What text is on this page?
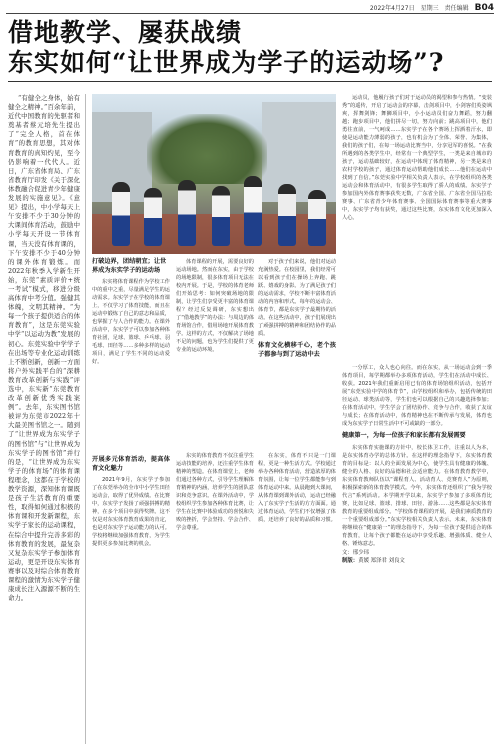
2022年4月27日 星期三 责任编辑 B04
借地教学、屡获战绩
东实如何“让世界成为学子的运动场”?

“有健全之身体，始有健全之精神。”百余年前，近代中国教育的先驱者和奠基者蔡元培先生提出了“完全人格，首在体育”的教育思想，其对体育教育的真知灼见，至今仍影响着一代代人。近日，广东省体育局、广东省教育厅印发《关于深化体教融合促进青少年健康发展的实施意见》。《意见》提出，中小学每天上午安排不少于30分钟的大课间体育活动，鼓励中小学每天开设一节体育课，当天没有体育课的，下午安排不少于40分钟的课外体育锻炼。而2022年秋季入学新生开始，东莞“素质评价+统一考试”模式，移进分级高体育中考分值。强健其体魄，文明其精神。“为每一个孩子提供适合的体育教育”，这是东莞实验中学“以运动为教”发展的初心。东莞实验中学学子在出场等专业化运动训练上不断创新，创新一方面将户外实践平台的“深耕教育改革创新与实践”评选中，东实新“东莞教育改革创新优秀实践案例”。去年，东实图书馆被评为东莞市2022年十大最美图书馆之一。随到了“让世界成为东实学子的图书馆”与“让世界成为东实学子的图书馆”并行的是，“让世界成为东实学子的体育场”的体育课程理念，这都在于学校的教学资源，深知体育课既是孩子生活教育的重要性，取得如何通过积极的体育课和开发新课程，东实学子家长的运动课程，在综合中提升完善多彩的体育教育的发展，最复杂又复杂东实学子参加体育运动，更是开设东实体育赛事以及对综合体育教育课程的激情为东实学子健康成长注入源源不断的生命力。

运动员，他履行孩子们对于运动员的渴望和参与热情。“变装秀”的遥传，开启了运动会的序幕，击剑项目中，小剑客们英姿飒爽，挥舞剑锋；舞狮项目中，小小运动员们奋力舞蹈，努力翻越；跑步项目中，他们拼尽一切，努力向前；跳高项目中，他们勇往直前，一气呵成……东实学子在各个赛场上挥洒着汗水，即使是运动能力薄弱的孩子，也有机会为了全体、荣誉、为集体，我们的孩子们，在每一场运动比赛当中，分享冠军的喜悦。“在我所遇到的各类学生中，经常有一个典型学生，一类是来自城市的孩子，运动基础较好，在运动中体现了体育精神，另一类是来自农村学校的孩子，通过体育运动帮助他们成长……他们在运动中找到了自信。”东莞实验中学相关负责人表示，在学校组织的各类运动会和体育活动中，有很多学生取得了骄人的成绩。东实学子参加国内外体育赛事获奖无数，广东省全国、广东省全国马拉松赛事、广东省青少年体育赛事、全国国际体育赛事等重大赛事中，东实学子均有获奖，通过这些比赛，东实体育文化更加深入人心。

打破边界，团结朝宜；让世界成为东实学子的运动场

东实将体育课程作为学校工作中的重中之重，尽量满足学生的运动需求。东实学子在学校的体育课上，不仅学习了体育技能，而且在运动中锻炼了自己的意志和品质，也掌握了与人合作的能力。在课外活动中，东实学子可以参加各种体育社团，足球、篮球、乒乓球、羽毛球、田径等……多种多样的运动项目，满足了学生不同的运动爱好。

体育课程的开展，需要良好的运动场地。然而在东实，由于学校的场地限制，很多体育项目无法在校内开展。于是，学校的体育老师们开始思考：如何突破场地的限制，让学生们享受更丰富的体育课程？经过反复调研，东实想出了“借地教学”的办法：与周边的体育场馆合作，借用场地开展体育教学。这样的方式，不仅解决了场地不足的问题，也为学生们提供了更专业的运动环境。

对于孩子们来说，他们对运动充满热爱。在校园里，我们经常可以看到孩子们在操场上奔跑、跳跃、嬉戏的身影。为了满足孩子们的运动需求，学校不断丰富体育活动的内容和形式。每年的运动会、体育节，都是东实学子最期待的活动。在这些活动中，孩子们展现出了顽强拼搏的精神和团结协作的品质。

体育文化横移千心，老个孩子都参与到了运动中去
开展多元体育活动，提高体育文化魅力

2021年9月，东实学子参加了在东莞举办的全市中小学生田径运动会，取得了优异成绩。在比赛中，东实学子发扬了顽强拼搏的精神，在多个项目中获得奖牌。这不仅是对东实体育教育成果的肯定，也是对东实学子运动能力的认可。学校将继续加强体育教育，为学生提供更多参加比赛的机会。

东实的体育教育不仅注重学生运动技能的培养，还注重学生体育精神的塑造。在体育课堂上，老师们通过各种方式，引导学生理解体育精神的内涵，培养学生的团队意识和竞争意识。在课外活动中，学校组织学生参加各种体育比赛，让学生在比赛中体验成功的喜悦和失败的挫折，学会坚持、学会合作、学会尊重。

在东实，体育不只是一门课程，更是一种生活方式。学校通过举办各种体育活动，营造浓厚的体育氛围，让每一位学生都能参与到体育运动中来。从晨跑到大课间，从体育课到课外活动，运动已经融入了东实学子生活的方方面面。通过体育运动，学生们不仅增强了体质，还培养了良好的品质和习惯。

一分厚工，众人也心向往。而在东实，从一场运动会到一季体育项目，每学期都举办多项体育活动，学生们在活动中成长、收获。2021年我们重新启用已有的体育场馆组织活动，包括开展“东莞实验中学的体育节”，由学校组织和举办，包括传统的田径运动、球类活动等，学生们也可以根据自己的兴趣选择参加；在体育活动中，学生学会了团结协作、竞争与合作，收获了友谊与成长；在体育活动中，体育精神也在不断传承与发展，体育也成为东实学子日常生活中不可或缺的一部分。

健康第一，为每一位孩子和家长都有发展需要

东实体育实施课的方针中，校长体卫工作，注重以人为本，是东实体育办学的总体方针。在这样的理念指导下，东实体育教育的目标是：以人的全面发展为中心，使学生具有健康的体魄、健全的人格、良好的品德和社会适应能力。在体育教育教学中，东实体育教师队伍以“课程育人、活动育人、竞赛育人”为原则，积极探索新的体育教学模式。今年，东实体育还组织了“我为学校代言”系列活动。本学期开学以来，东实学子参加了多项体育比赛，比如足球、篮球、排球、田径、游泳……这些都是东实体育教育的重要组成部分。“学校体育课程的开展，是我们素质教育的一个重要组成部分。”东实学校相关负责人表示。未来，东实体育将继续在“健康第一”的理念指导下，为每一位孩子提供适合的体育教育，让每个孩子都能在运动中享受乐趣、增强体质、健全人格、锤炼意志。

文：邢少玮
制版：黄媛 郑泽君 刘良文
